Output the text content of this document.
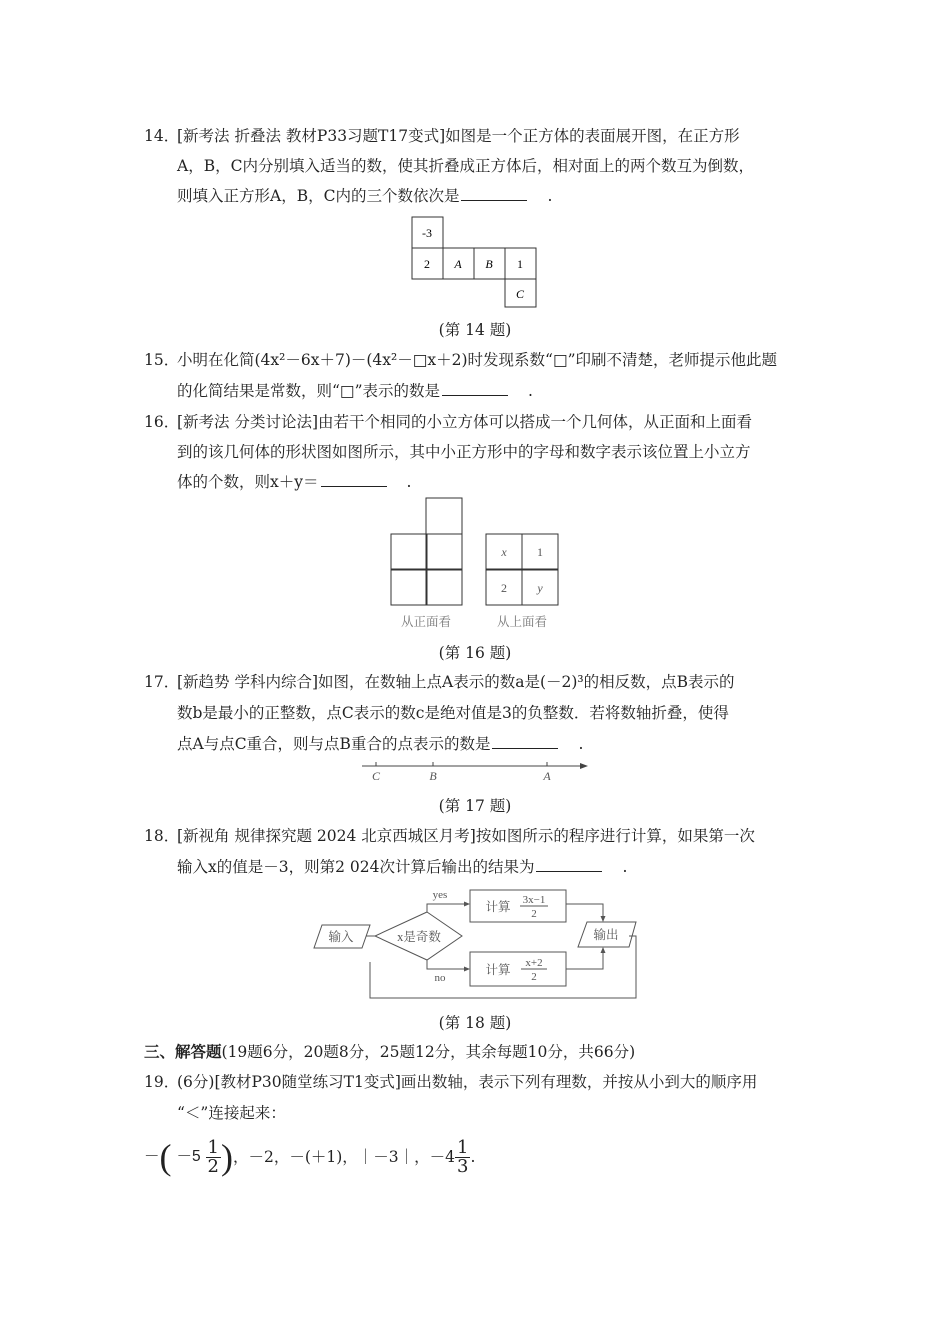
14．
[新考法 折叠法 教材P33习题T17变式]如图是一个正方体的表面展开图，在正方形
A，B，C内分别填入适当的数，使其折叠成正方体后，相对面上的两个数互为倒数，
则填入正方形A，B，C内的三个数依次是	.
-3
2 A B 1
C
(第 14 题)
15．
小明在化简(4x²－6x＋7)－(4x²－□x＋2)时发现系数“□”印刷不清楚，老师提示他此题
的化简结果是常数，则“□”表示的数是	.
16．
[新考法 分类讨论法]由若干个相同的小立方体可以搭成一个几何体，从正面和上面看
到的该几何体的形状图如图所示，其中小正方形中的字母和数字表示该位置上小立方
体的个数，则x＋y＝	.
x	1
2	y
从正面看	从上面看
(第 16 题)
17．
[新趋势 学科内综合]如图，在数轴上点A表示的数a是(－2)³的相反数，点B表示的
数b是最小的正整数，点C表示的数c是绝对值是3的负整数．若将数轴折叠，使得
点A与点C重合，则与点B重合的点表示的数是	.
C	B	A
(第 17 题)
18．
[新视角 规律探究题 2024 北京西城区月考]按如图所示的程序进行计算，如果第一次
输入x的值是－3，则第2 024次计算后输出的结果为	.
输入	x是奇数
yes
no
计算 3x−1
2
计算 x+2
2
输出
(第 18 题)
三、解答题(19题6分，20题8分，25题12分，其余每题10分，共66分)
19．
(6分)[教材P30随堂练习T1变式]画出数轴，表示下列有理数，并按从小到大的顺序用
“＜”连接起来：
－( $-5 \frac{1}{2}$ )，－2，－(＋1)，｜－3｜，$-4 \frac{1}{3}$ .
